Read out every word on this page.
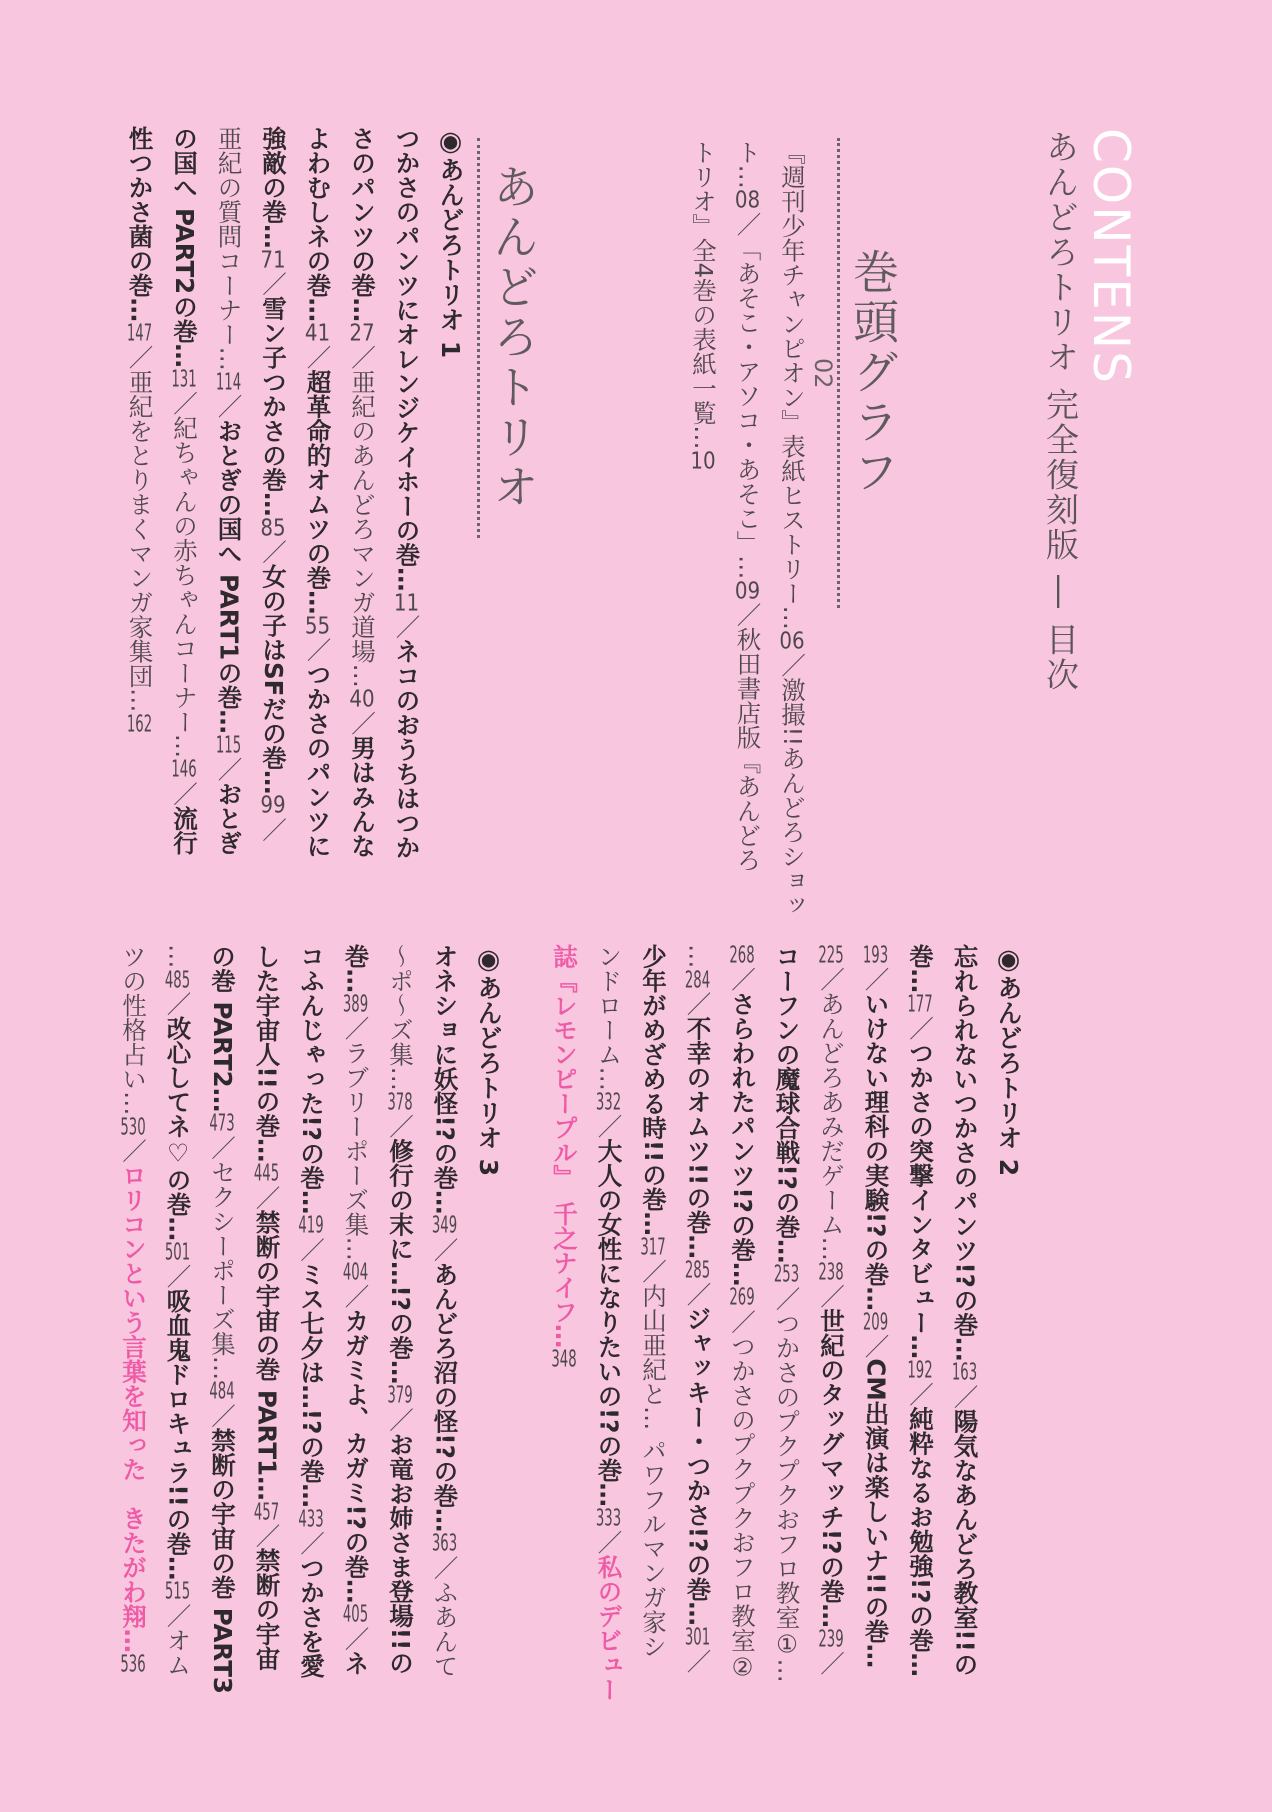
CONTENS
あんどろトリオ 完全復刻版 ― 目次
巻頭グラフ
02
『週刊少年チャンピオン』表紙ヒストリー…06／激撮!!あんどろショッ
ト…08／「あそこ・アソコ・あそこ」…09／秋田書店版『あんどろ
トリオ』全4巻の表紙一覧…10
あんどろトリオ
◉あんどろトリオ 1
つかさのパンツにオレンジケイホーの巻…11／ネコのおうちはつか
さのパンツの巻…27／亜紀のあんどろマンガ道場…40／男はみんな
よわむしネの巻…41／超革命的オムツの巻…55／つかさのパンツに
強敵の巻…71／雪ン子つかさの巻…85／女の子はSFだの巻…99／
亜紀の質問コーナー…114／おとぎの国へ PART1の巻…115／おとぎ
の国へ PART2の巻…131／紀ちゃんの赤ちゃんコーナー…146／流行
性つかさ菌の巻…147／亜紀をとりまくマンガ家集団…162
◉あんどろトリオ 2
忘れられないつかさのパンツ!?の巻…163／陽気なあんどろ教室!!の
巻…177／つかさの突撃インタビュー…192／純粋なるお勉強!?の巻…
193／いけない理科の実験!?の巻…209／CM出演は楽しいナ!!の巻…
225／あんどろあみだゲーム…238／世紀のタッグマッチ!?の巻…239／
コーフンの魔球合戦!?の巻…253／つかさのプクプクおフロ教室①…
268／さらわれたパンツ!?の巻…269／つかさのプクプクおフロ教室②
…284／不幸のオムツ!!の巻…285／ジャッキー・つかさ!?の巻…301／
少年がめざめる時!!の巻…317／内山亜紀と… パワフルマンガ家シ
ンドローム…332／大人の女性になりたいの!?の巻…333／私のデビュー
誌『レモンピープル』　千之ナイフ…348
◉あんどろトリオ 3
オネショに妖怪!?の巻…349／あんどろ沼の怪!?の巻…363／ふあんて
〜ポ〜ズ集…378／修行の末に…!?の巻…379／お竜お姉さま登場!!の
巻…389／ラブリーポーズ集…404／カガミよ、カガミ!?の巻…405／ネ
コふんじゃった!?の巻…419／ミス七夕は…!?の巻…433／つかさを愛
した宇宙人!!の巻…445／禁断の宇宙の巻 PART1…457／禁断の宇宙
の巻 PART2…473／セクシーポーズ集…484／禁断の宇宙の巻 PART3
…485／改心してネ♡の巻…501／吸血鬼ドロキュラ!!の巻…515／オム
ツの性格占い…530／ロリコンという言葉を知った　きたがわ翔…536
